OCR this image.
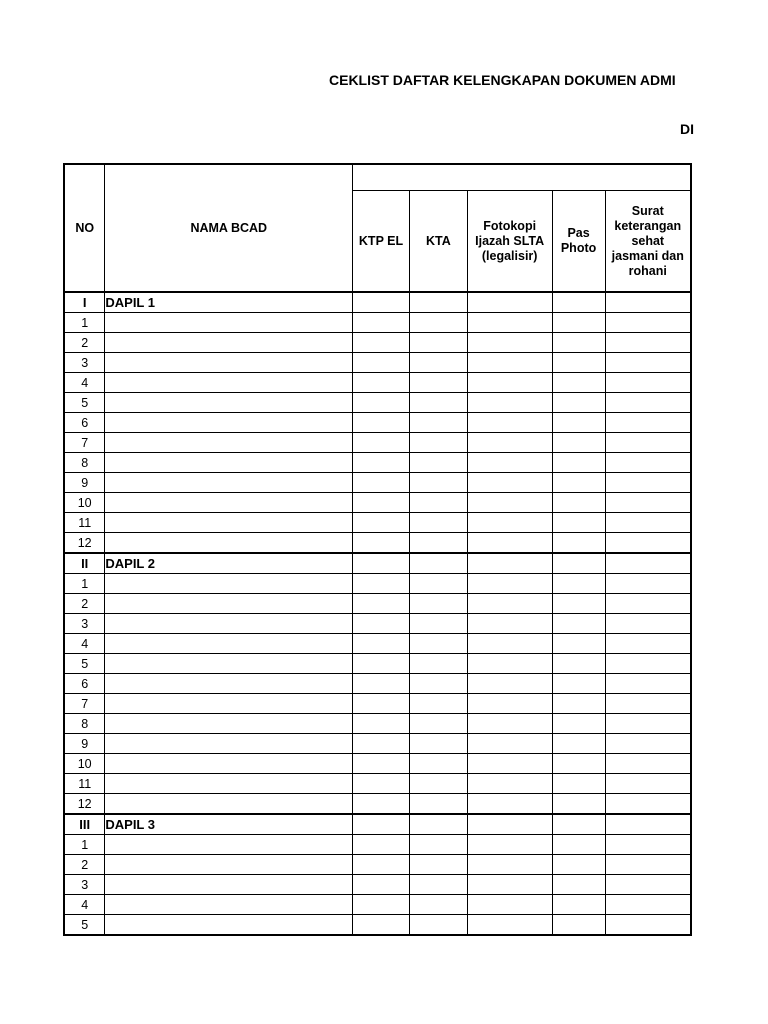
CEKLIST DAFTAR KELENGKAPAN DOKUMEN ADMI
DI
NO	NAMA BCAD					
		KTP EL	KTA	Fotokopi Ijazah SLTA (legalisir)	Pas Photo	Surat keterangan sehat jasmani dan rohani
I	DAPIL 1					
1						
2						
3						
4						
5						
6						
7						
8						
9						
10						
11						
12						
II	DAPIL 2					
1						
2						
3						
4						
5						
6						
7						
8						
9						
10						
11						
12						
III	DAPIL 3					
1						
2						
3						
4						
5						
